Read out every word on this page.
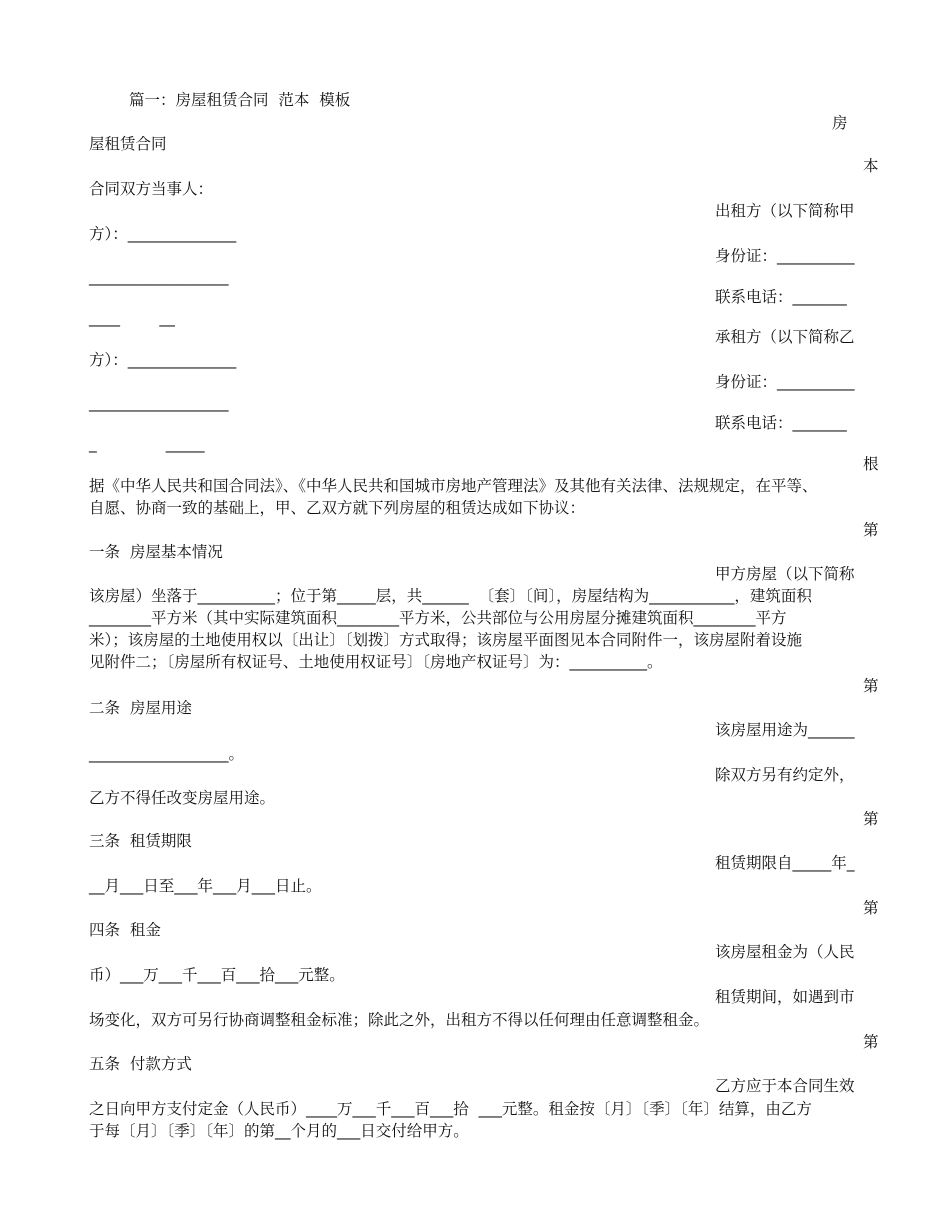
篇一：房屋租赁合同  范本  模板
房
屋租赁合同
本
合同双方当事人：
出租方（以下简称甲
方）：______________
身份证：__________
__________________
联系电话：_______
____        __
承租方（以下简称乙
方）：______________
身份证：__________
__________________
联系电话：_______
_              _____
根
据《中华人民共和国合同法》、《中华人民共和国城市房地产管理法》及其他有关法律、法规规定，在平等、
自愿、协商一致的基础上，甲、乙双方就下列房屋的租赁达成如下协议：
第
一条  房屋基本情况
甲方房屋（以下简称
该房屋）坐落于__________；位于第_____层，共______  〔套〕〔间〕，房屋结构为___________，建筑面积
________平方米（其中实际建筑面积________平方米，公共部位与公用房屋分摊建筑面积________平方
米）；该房屋的土地使用权以〔出让〕〔划拨〕方式取得；该房屋平面图见本合同附件一，该房屋附着设施
见附件二；〔房屋所有权证号、土地使用权证号〕〔房地产权证号〕为：__________。
第
二条  房屋用途
该房屋用途为______
__________________。
除双方另有约定外，
乙方不得任改变房屋用途。
第
三条  租赁期限
租赁期限自_____年_
__月___日至___年___月___日止。
第
四条  租金
该房屋租金为（人民
币）___万___千___百___拾___元整。
租赁期间，如遇到市
场变化，双方可另行协商调整租金标准；除此之外，出租方不得以任何理由任意调整租金。
第
五条  付款方式
乙方应于本合同生效
之日向甲方支付定金（人民币）____万___千___百___拾  ___元整。租金按〔月〕〔季〕〔年〕结算，由乙方
于每〔月〕〔季〕〔年〕的第__个月的___日交付给甲方。
